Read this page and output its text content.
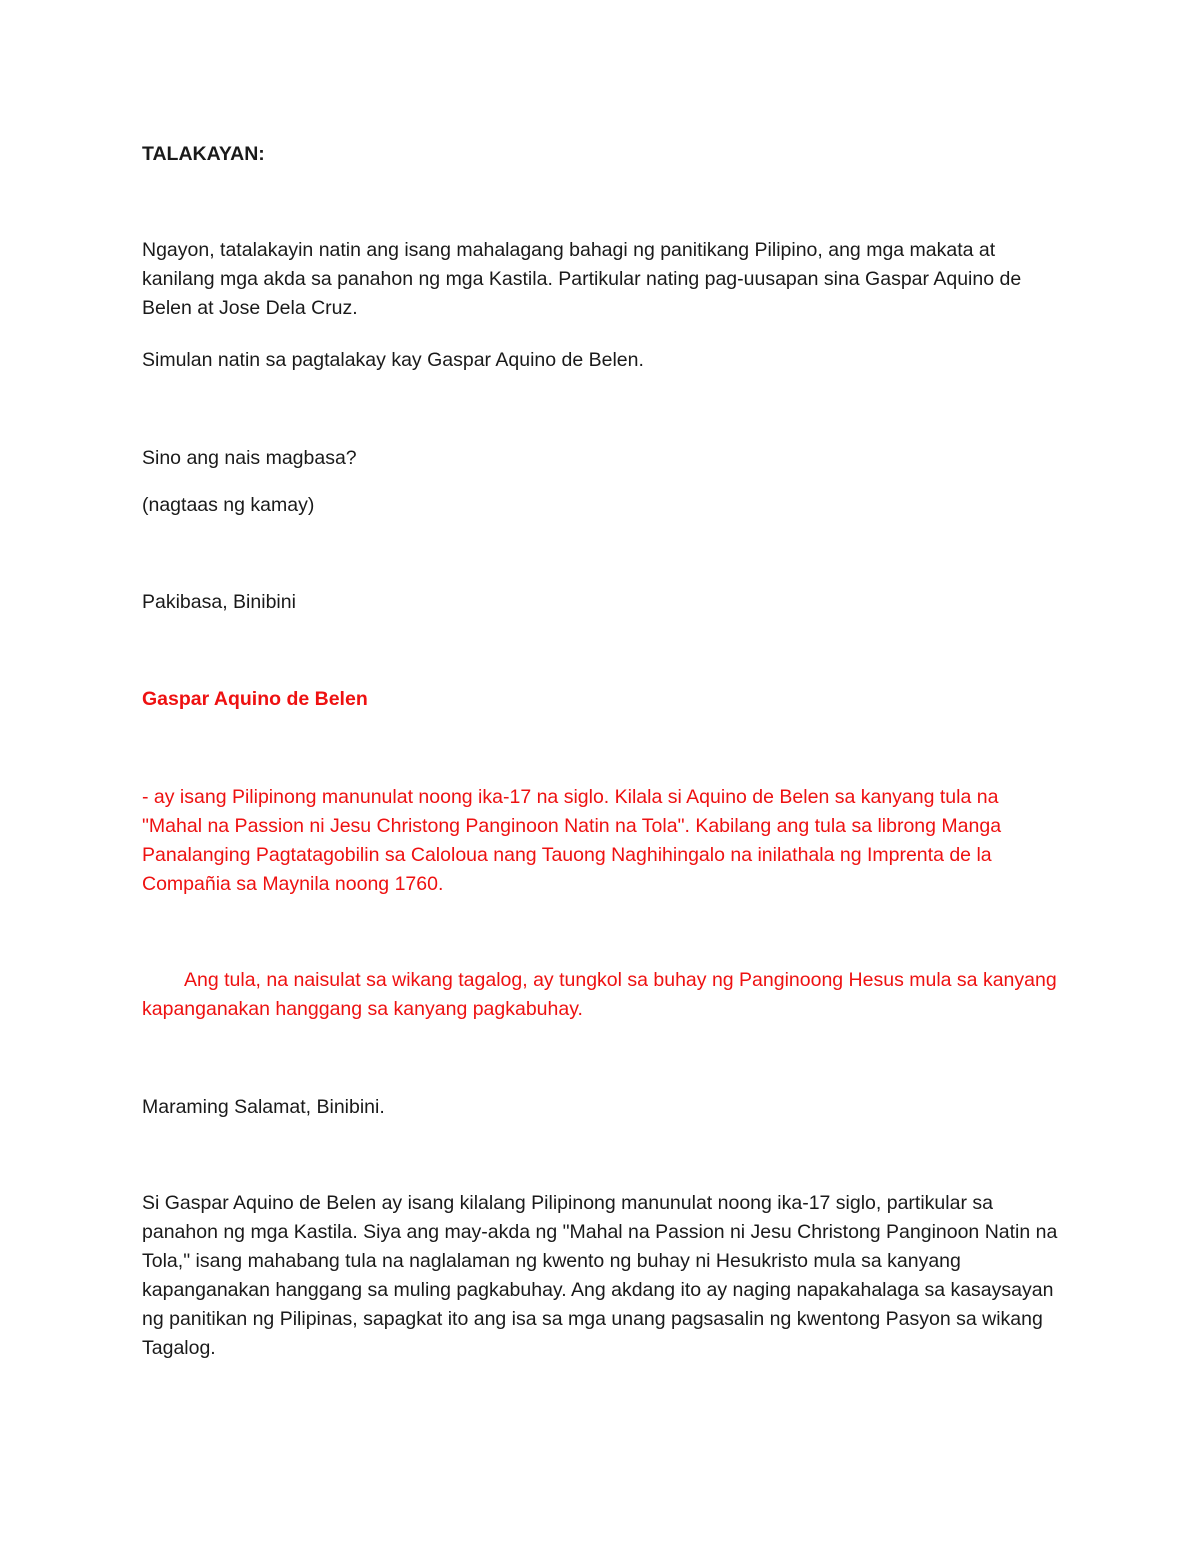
TALAKAYAN:

Ngayon, tatalakayin natin ang isang mahalagang bahagi ng panitikang Pilipino, ang mga makata at kanilang mga akda sa panahon ng mga Kastila. Partikular nating pag-uusapan sina Gaspar Aquino de Belen at Jose Dela Cruz.

Simulan natin sa pagtalakay kay Gaspar Aquino de Belen.

Sino ang nais magbasa?

(nagtaas ng kamay)

Pakibasa, Binibini

Gaspar Aquino de Belen

- ay isang Pilipinong manunulat noong ika-17 na siglo. Kilala si Aquino de Belen sa kanyang tula na "Mahal na Passion ni Jesu Christong Panginoon Natin na Tola". Kabilang ang tula sa librong Manga Panalanging Pagtatagobilin sa Caloloua nang Tauong Naghihingalo na inilathala ng Imprenta de la Compañia sa Maynila noong 1760.

Ang tula, na naisulat sa wikang tagalog, ay tungkol sa buhay ng Panginoong Hesus mula sa kanyang kapanganakan hanggang sa kanyang pagkabuhay.

Maraming Salamat, Binibini.

Si Gaspar Aquino de Belen ay isang kilalang Pilipinong manunulat noong ika-17 siglo, partikular sa panahon ng mga Kastila. Siya ang may-akda ng "Mahal na Passion ni Jesu Christong Panginoon Natin na Tola," isang mahabang tula na naglalaman ng kwento ng buhay ni Hesukristo mula sa kanyang kapanganakan hanggang sa muling pagkabuhay. Ang akdang ito ay naging napakahalaga sa kasaysayan ng panitikan ng Pilipinas, sapagkat ito ang isa sa mga unang pagsasalin ng kwentong Pasyon sa wikang Tagalog.
